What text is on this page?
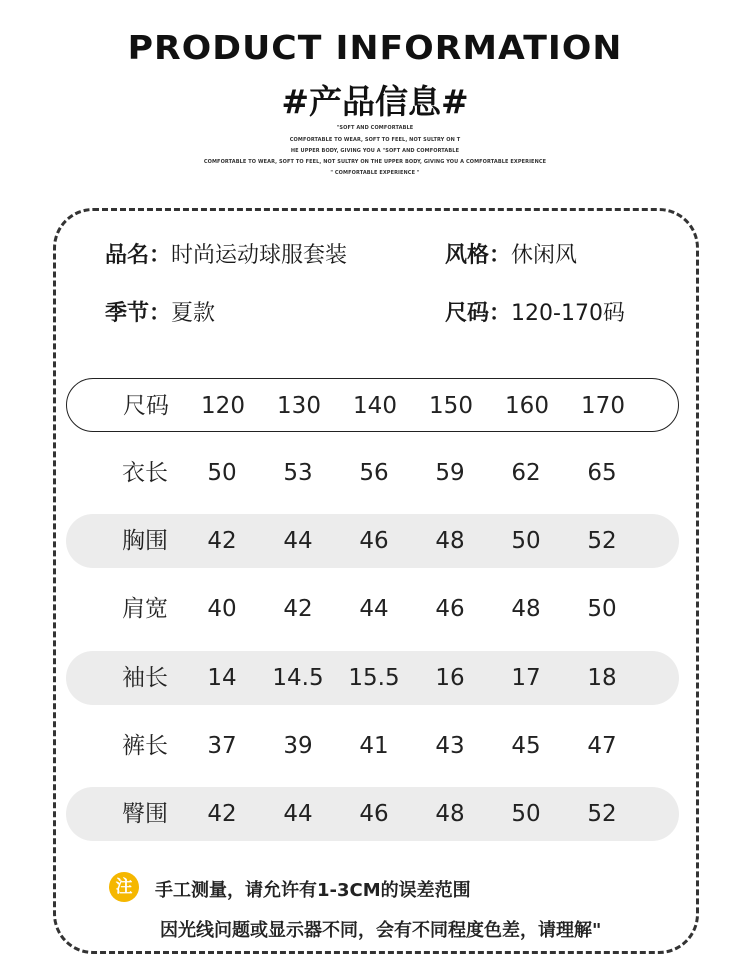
PRODUCT INFORMATION
#产品信息#
"SOFT AND COMFORTABLE
COMFORTABLE TO WEAR, SOFT TO FEEL, NOT SULTRY ON T
HE UPPER BODY, GIVING YOU A "SOFT AND COMFORTABLE
COMFORTABLE TO WEAR, SOFT TO FEEL, NOT SULTRY ON THE UPPER BODY, GIVING YOU A COMFORTABLE EXPERIENCE
" COMFORTABLE EXPERIENCE "
品名：时尚运动球服套装	风格：休闲风
季节：夏款	尺码：120-170码
尺码 120 130 140 150 160 170
衣长 50 53 56 59 62 65
胸围 42 44 46 48 50 52
肩宽 40 42 44 46 48 50
袖长 14 14.5 15.5 16 17 18
裤长 37 39 41 43 45 47
臀围 42 44 46 48 50 52
注	手工测量，请允许有1-3CM的误差范围
因光线问题或显示器不同，会有不同程度色差，请理解"
